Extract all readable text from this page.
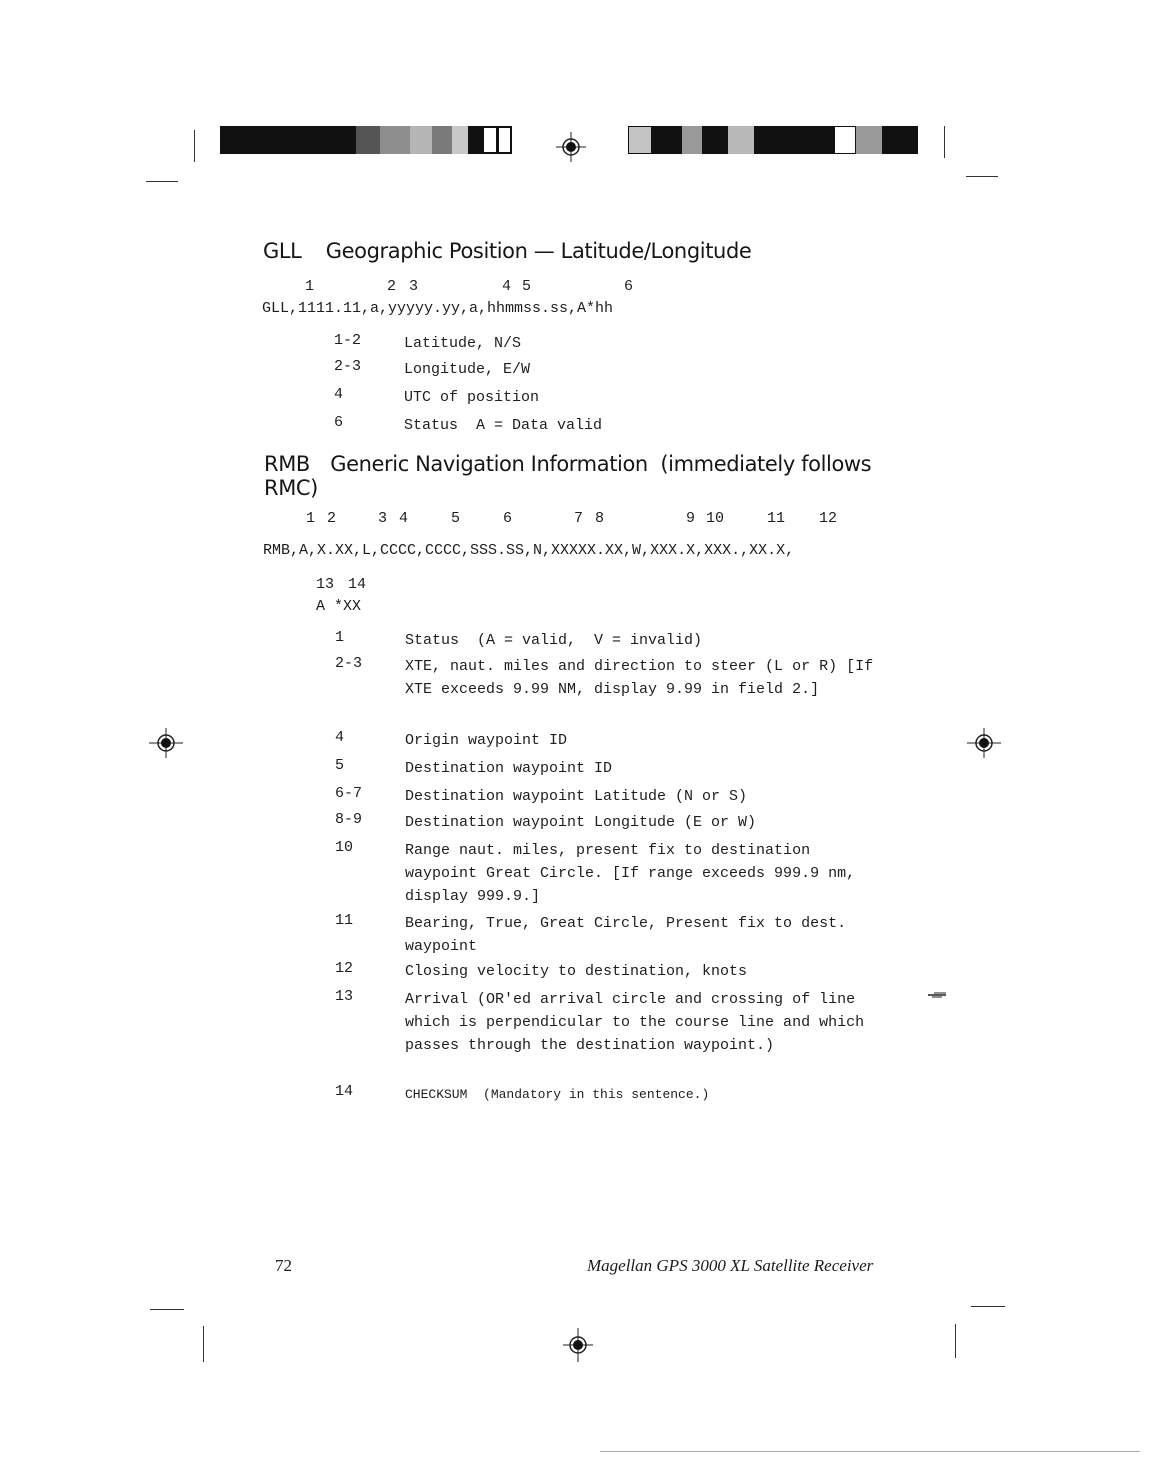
GLL Geographic Position — Latitude/Longitude
1	2 3	4 5	6
GLL,1111.11,a,yyyyy.yy,a,hhmmss.ss,A*hh
1-2	Latitude, N/S
2-3	Longitude, E/W
4	UTC of position
6	Status  A = Data valid
RMB Generic Navigation Information  (immediately follows
RMC)
1 2	3 4	5	6	7 8	9 10	11 12
RMB,A,X.XX,L,CCCC,CCCC,SSS.SS,N,XXXXX.XX,W,XXX.X,XXX.,XX.X,
13 14
A *XX
1	Status  (A = valid,  V = invalid)
2-3	XTE, naut. miles and direction to steer (L or R) [If XTE exceeds 9.99 NM, display 9.99 in field 2.]
4	Origin waypoint ID
5	Destination waypoint ID
6-7	Destination waypoint Latitude (N or S)
8-9	Destination waypoint Longitude (E or W)
10	Range naut. miles, present fix to destination waypoint Great Circle. [If range exceeds 999.9 nm, display 999.9.]
11	Bearing, True, Great Circle, Present fix to dest. waypoint
12	Closing velocity to destination, knots
13	Arrival (OR'ed arrival circle and crossing of line which is perpendicular to the course line and which passes through the destination waypoint.)
14	CHECKSUM  (Mandatory in this sentence.)
72	Magellan GPS 3000 XL Satellite Receiver
